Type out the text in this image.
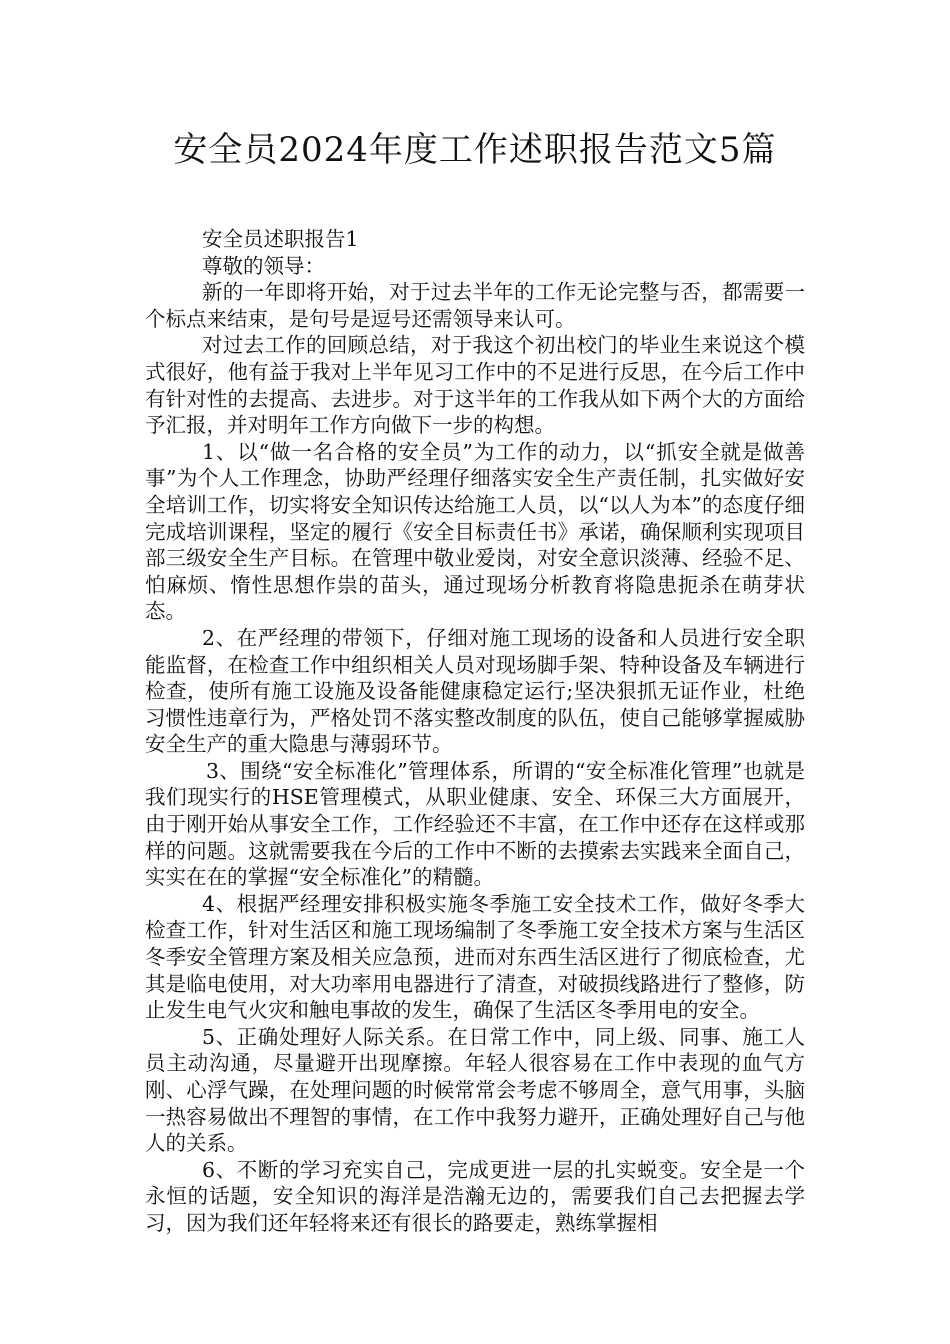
安全员2024年度工作述职报告范文5篇

安全员述职报告1

尊敬的领导：

新的一年即将开始，对于过去半年的工作无论完整与否，都需要一个标点来结束，是句号是逗号还需领导来认可。

对过去工作的回顾总结，对于我这个初出校门的毕业生来说这个模式很好，他有益于我对上半年见习工作中的不足进行反思，在今后工作中有针对性的去提高、去进步。对于这半年的工作我从如下两个大的方面给予汇报，并对明年工作方向做下一步的构想。

1、以“做一名合格的安全员”为工作的动力，以“抓安全就是做善事”为个人工作理念，协助严经理仔细落实安全生产责任制，扎实做好安全培训工作，切实将安全知识传达给施工人员，以“以人为本”的态度仔细完成培训课程，坚定的履行《安全目标责任书》承诺，确保顺利实现项目部三级安全生产目标。在管理中敬业爱岗，对安全意识淡薄、经验不足、怕麻烦、惰性思想作祟的苗头，通过现场分析教育将隐患扼杀在萌芽状态。

2、在严经理的带领下，仔细对施工现场的设备和人员进行安全职能监督，在检查工作中组织相关人员对现场脚手架、特种设备及车辆进行检查，使所有施工设施及设备能健康稳定运行;坚决狠抓无证作业，杜绝习惯性违章行为，严格处罚不落实整改制度的队伍，使自己能够掌握威胁安全生产的重大隐患与薄弱环节。

3、围绕“安全标准化”管理体系，所谓的“安全标准化管理”也就是我们现实行的HSE管理模式，从职业健康、安全、环保三大方面展开，由于刚开始从事安全工作，工作经验还不丰富，在工作中还存在这样或那样的问题。这就需要我在今后的工作中不断的去摸索去实践来全面自己，实实在在的掌握“安全标准化”的精髓。

4、根据严经理安排积极实施冬季施工安全技术工作，做好冬季大检查工作，针对生活区和施工现场编制了冬季施工安全技术方案与生活区冬季安全管理方案及相关应急预，进而对东西生活区进行了彻底检查，尤其是临电使用，对大功率用电器进行了清查，对破损线路进行了整修，防止发生电气火灾和触电事故的发生，确保了生活区冬季用电的安全。

5、正确处理好人际关系。在日常工作中，同上级、同事、施工人员主动沟通，尽量避开出现摩擦。年轻人很容易在工作中表现的血气方刚、心浮气躁，在处理问题的时候常常会考虑不够周全，意气用事，头脑一热容易做出不理智的事情，在工作中我努力避开，正确处理好自己与他人的关系。

6、不断的学习充实自己，完成更进一层的扎实蜕变。安全是一个永恒的话题，安全知识的海洋是浩瀚无边的，需要我们自己去把握去学习，因为我们还年轻将来还有很长的路要走，熟练掌握相
